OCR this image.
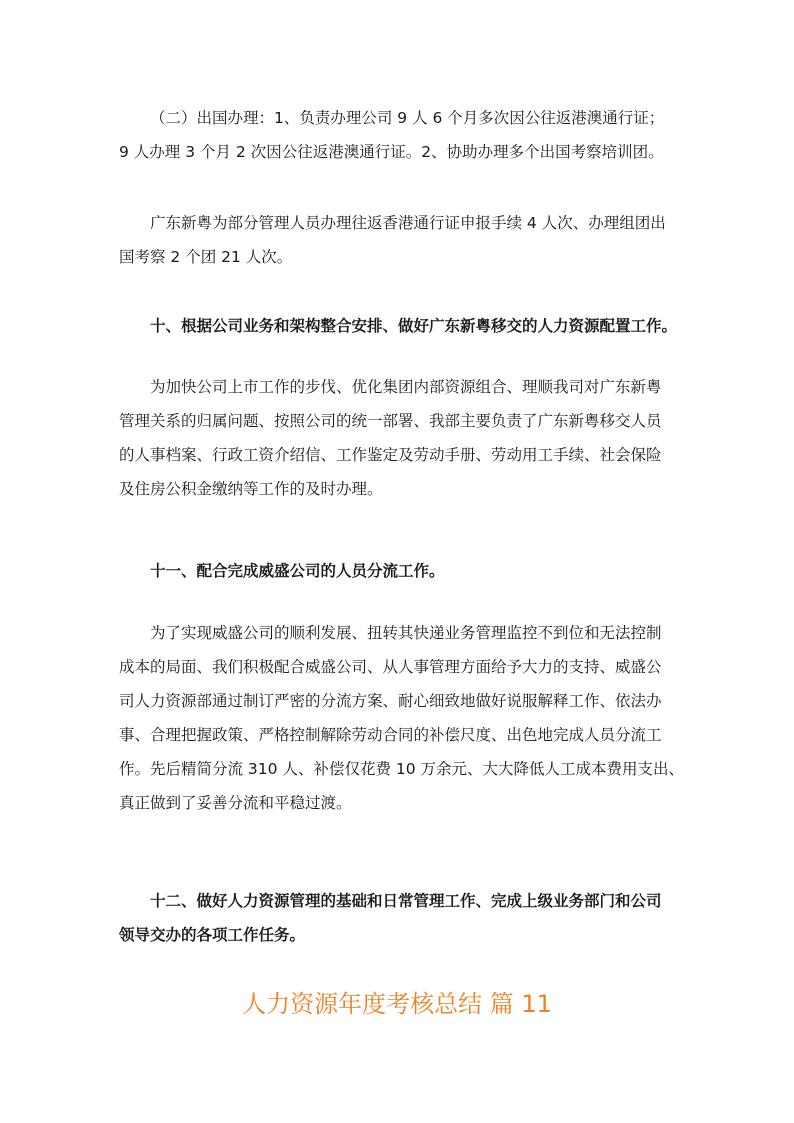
（二）出国办理：1、负责办理公司 9 人 6 个月多次因公往返港澳通行证；
9 人办理 3 个月 2 次因公往返港澳通行证。2、协助办理多个出国考察培训团。
广东新粤为部分管理人员办理往返香港通行证申报手续 4 人次、办理组团出
国考察 2 个团 21 人次。
十、根据公司业务和架构整合安排、做好广东新粤移交的人力资源配置工作。
为加快公司上市工作的步伐、优化集团内部资源组合、理顺我司对广东新粤
管理关系的归属问题、按照公司的统一部署、我部主要负责了广东新粤移交人员
的人事档案、行政工资介绍信、工作鉴定及劳动手册、劳动用工手续、社会保险
及住房公积金缴纳等工作的及时办理。
十一、配合完成威盛公司的人员分流工作。
为了实现威盛公司的顺利发展、扭转其快递业务管理监控不到位和无法控制
成本的局面、我们积极配合威盛公司、从人事管理方面给予大力的支持、威盛公
司人力资源部通过制订严密的分流方案、耐心细致地做好说服解释工作、依法办
事、合理把握政策、严格控制解除劳动合同的补偿尺度、出色地完成人员分流工
作。先后精简分流 310 人、补偿仅花费 10 万余元、大大降低人工成本费用支出、
真正做到了妥善分流和平稳过渡。
十二、做好人力资源管理的基础和日常管理工作、完成上级业务部门和公司
领导交办的各项工作任务。
人力资源年度考核总结 篇 11
